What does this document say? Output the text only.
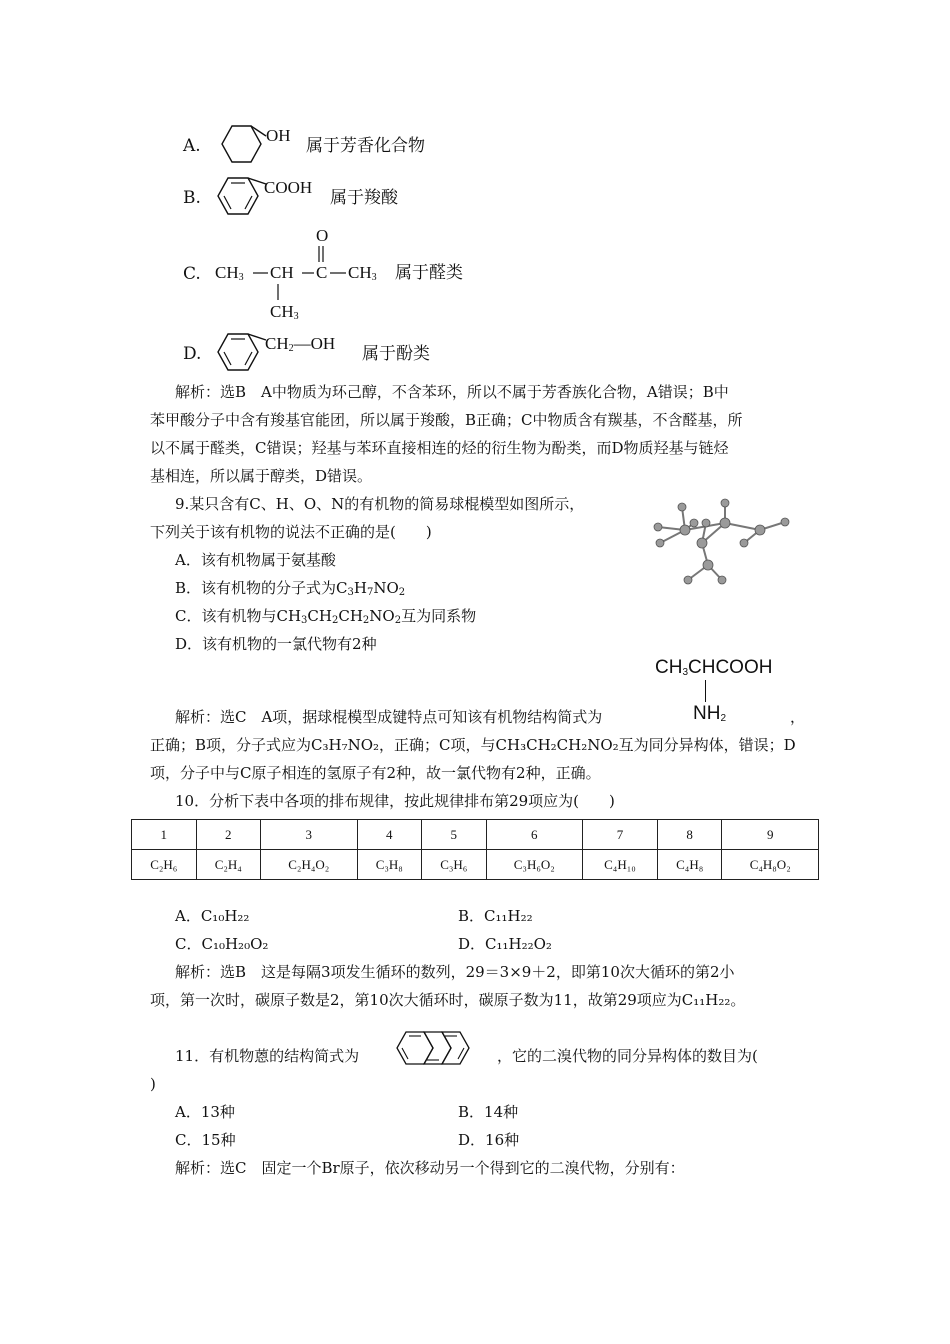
A.
OH
属于芳香化合物
B.
COOH
属于羧酸
C.
O
$CH_3$ CH C $CH_3$
$CH_3$
属于醛类
D.
$CH_2—OH$
属于酚类
解析：选B　A中物质为环己醇，不含苯环，所以不属于芳香族化合物，A错误；B中
苯甲酸分子中含有羧基官能团，所以属于羧酸，B正确；C中物质含有羰基，不含醛基，所
以不属于醛类，C错误；羟基与苯环直接相连的烃的衍生物为酚类，而D物质羟基与链烃
基相连，所以属于醇类，D错误。
9.某只含有C、H、O、N的有机物的简易球棍模型如图所示，
下列关于该有机物的说法不正确的是(　　)
A．该有机物属于氨基酸
B．该有机物的分子式为$C_3H_7NO_2$
C．该有机物与$CH_3CH_2CH_2NO_2$互为同系物
D．该有机物的一氯代物有2种
$CH_3CHCOOH$
$NH_2$
解析：选C　A项，据球棍模型成键特点可知该有机物结构简式为	，
正确；B项，分子式应为C₃H₇NO₂，正确；C项，与CH₃CH₂CH₂NO₂互为同分异构体，错误；D
项，分子中与C原子相连的氢原子有2种，故一氯代物有2种，正确。
10．分析下表中各项的排布规律，按此规律排布第29项应为(　　)
1	2	3	4	5	6	7	8	9
C₂H₆	C₂H₄	C₂H₄O₂	C₃H₈	C₃H₆	C₃H₆O₂	C₄H₁₀	C₄H₈	C₄H₈O₂
A．C₁₀H₂₂	B．C₁₁H₂₂
C．C₁₀H₂₀O₂	D．C₁₁H₂₂O₂
解析：选B　这是每隔3项发生循环的数列，29＝3×9＋2，即第10次大循环的第2小
项，第一次时，碳原子数是2，第10次大循环时，碳原子数为11，故第29项应为C₁₁H₂₂。
11．有机物蒽的结构简式为	，它的二溴代物的同分异构体的数目为(
)
A．13种	B．14种
C．15种	D．16种
解析：选C　固定一个Br原子，依次移动另一个得到它的二溴代物，分别有：
